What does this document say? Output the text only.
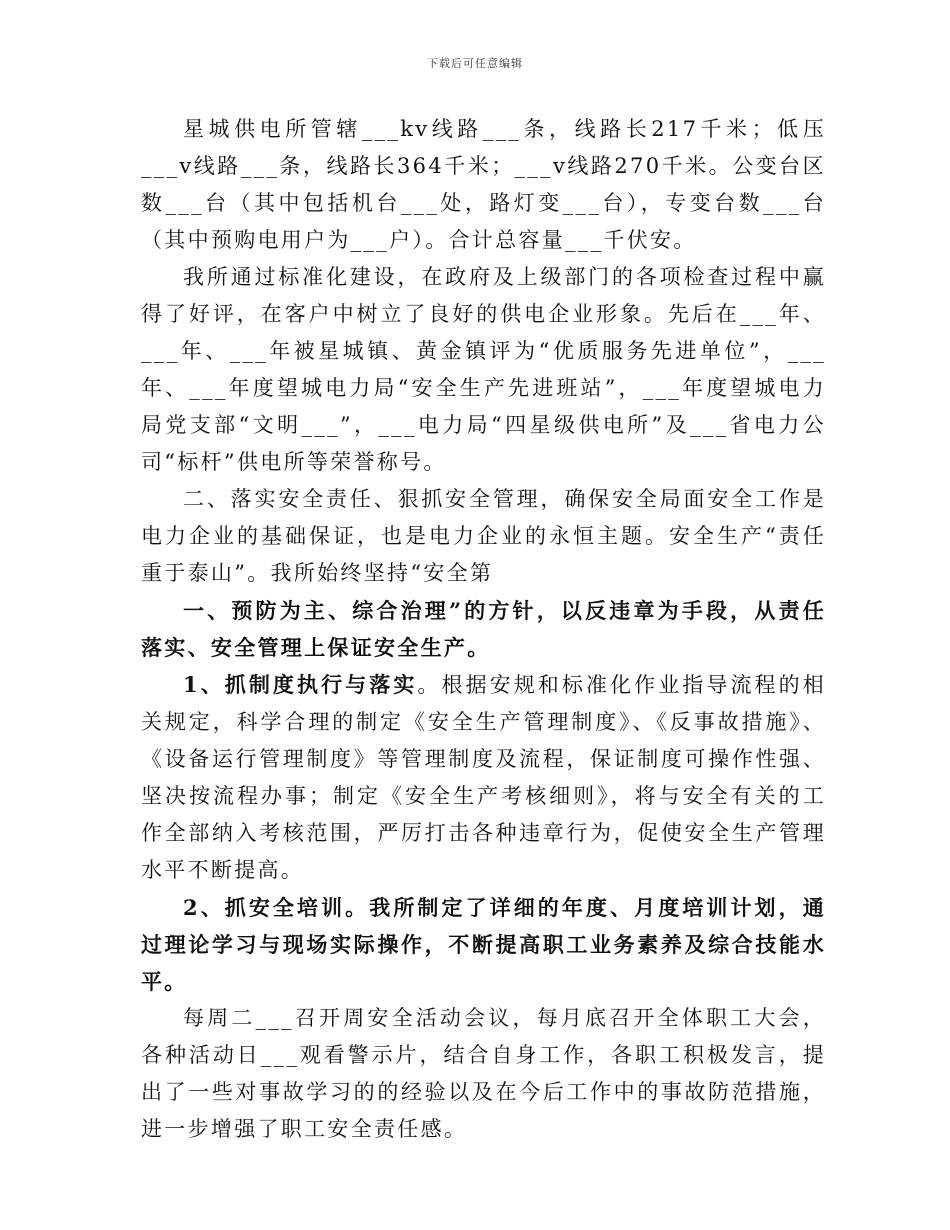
下载后可任意编辑

星城供电所管辖___kv线路___条，线路长217千米；低压___v线路___条，线路长364千米；___v线路270千米。公变台区数___台（其中包括机台___处，路灯变___台），专变台数___台（其中预购电用户为___户）。合计总容量___千伏安。

我所通过标准化建设，在政府及上级部门的各项检查过程中赢得了好评，在客户中树立了良好的供电企业形象。先后在___年、___年、___年被星城镇、黄金镇评为“优质服务先进单位”，___年、___年度望城电力局“安全生产先进班站”，___年度望城电力局党支部“文明___”，___电力局“四星级供电所”及___省电力公司“标杆”供电所等荣誉称号。

二、落实安全责任、狠抓安全管理，确保安全局面安全工作是电力企业的基础保证，也是电力企业的永恒主题。安全生产“责任重于泰山”。我所始终坚持“安全第

一、预防为主、综合治理”的方针，以反违章为手段，从责任落实、安全管理上保证安全生产。

1、抓制度执行与落实。根据安规和标准化作业指导流程的相关规定，科学合理的制定《安全生产管理制度》、《反事故措施》、《设备运行管理制度》等管理制度及流程，保证制度可操作性强、坚决按流程办事；制定《安全生产考核细则》，将与安全有关的工作全部纳入考核范围，严厉打击各种违章行为，促使安全生产管理水平不断提高。

2、抓安全培训。我所制定了详细的年度、月度培训计划，通过理论学习与现场实际操作，不断提高职工业务素养及综合技能水平。

每周二___召开周安全活动会议，每月底召开全体职工大会，各种活动日___观看警示片，结合自身工作，各职工积极发言，提出了一些对事故学习的的经验以及在今后工作中的事故防范措施，进一步增强了职工安全责任感。
